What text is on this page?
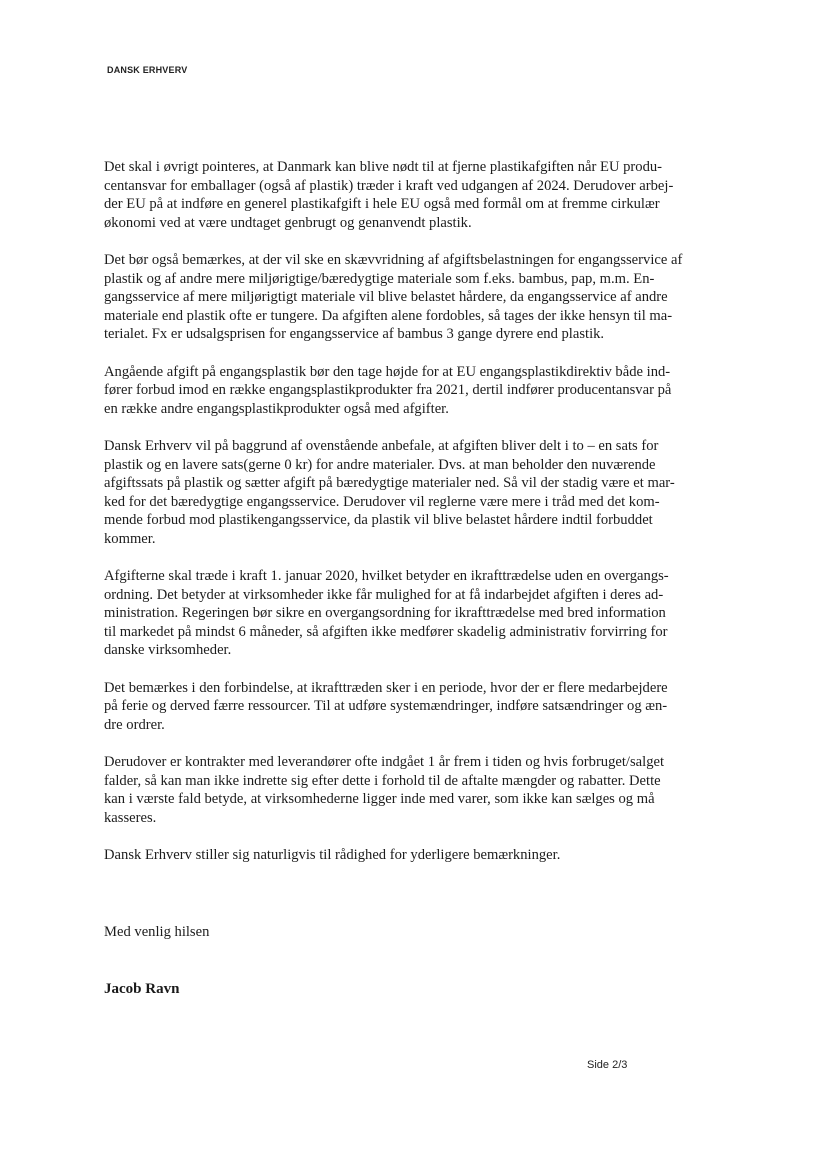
DANSK ERHVERV

Det skal i øvrigt pointeres, at Danmark kan blive nødt til at fjerne plastikafgiften når EU produ-
centansvar for emballager (også af plastik) træder i kraft ved udgangen af 2024. Derudover arbej-
der EU på at indføre en generel plastikafgift i hele EU også med formål om at fremme cirkulær
økonomi ved at være undtaget genbrugt og genanvendt plastik.

Det bør også bemærkes, at der vil ske en skævvridning af afgiftsbelastningen for engangsservice af
plastik og af andre mere miljørigtige/bæredygtige materiale som f.eks. bambus, pap, m.m. En-
gangsservice af mere miljørigtigt materiale vil blive belastet hårdere, da engangsservice af andre
materiale end plastik ofte er tungere. Da afgiften alene fordobles, så tages der ikke hensyn til ma-
terialet. Fx er udsalgsprisen for engangsservice af bambus 3 gange dyrere end plastik.

Angående afgift på engangsplastik bør den tage højde for at EU engangsplastikdirektiv både ind-
fører forbud imod en række engangsplastikprodukter fra 2021, dertil indfører producentansvar på
en række andre engangsplastikprodukter også med afgifter.

Dansk Erhverv vil på baggrund af ovenstående anbefale, at afgiften bliver delt i to – en sats for
plastik og en lavere sats(gerne 0 kr) for andre materialer. Dvs. at man beholder den nuværende
afgiftssats på plastik og sætter afgift på bæredygtige materialer ned. Så vil der stadig være et mar-
ked for det bæredygtige engangsservice. Derudover vil reglerne være mere i tråd med det kom-
mende forbud mod plastikengangsservice, da plastik vil blive belastet hårdere indtil forbuddet
kommer.

Afgifterne skal træde i kraft 1. januar 2020, hvilket betyder en ikrafttrædelse uden en overgangs-
ordning. Det betyder at virksomheder ikke får mulighed for at få indarbejdet afgiften i deres ad-
ministration. Regeringen bør sikre en overgangsordning for ikrafttrædelse med bred information
til markedet på mindst 6 måneder, så afgiften ikke medfører skadelig administrativ forvirring for
danske virksomheder.

Det bemærkes i den forbindelse, at ikrafttræden sker i en periode, hvor der er flere medarbejdere
på ferie og derved færre ressourcer. Til at udføre systemændringer, indføre satsændringer og æn-
dre ordrer.

Derudover er kontrakter med leverandører ofte indgået 1 år frem i tiden og hvis forbruget/salget
falder, så kan man ikke indrette sig efter dette i forhold til de aftalte mængder og rabatter. Dette
kan i værste fald betyde, at virksomhederne ligger inde med varer, som ikke kan sælges og må
kasseres.

Dansk Erhverv stiller sig naturligvis til rådighed for yderligere bemærkninger.

Med venlig hilsen
Jacob Ravn
Side 2/3
